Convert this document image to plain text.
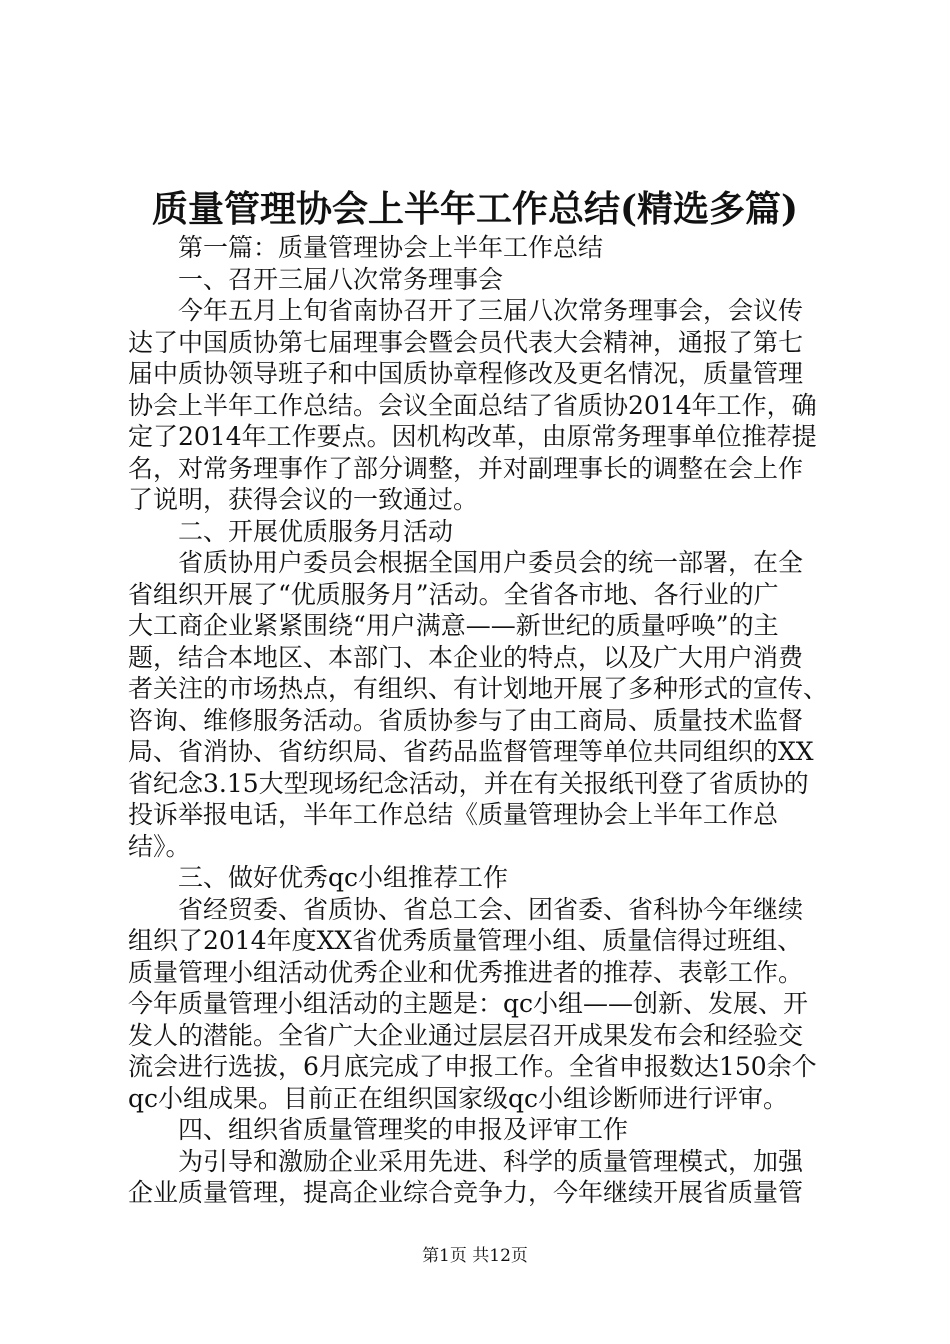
质量管理协会上半年工作总结(精选多篇)
第一篇：质量管理协会上半年工作总结
一、召开三届八次常务理事会
今年五月上旬省南协召开了三届八次常务理事会，会议传
达了中国质协第七届理事会暨会员代表大会精神，通报了第七
届中质协领导班子和中国质协章程修改及更名情况，质量管理
协会上半年工作总结。会议全面总结了省质协2014年工作，确
定了2014年工作要点。因机构改革，由原常务理事单位推荐提
名，对常务理事作了部分调整，并对副理事长的调整在会上作
了说明，获得会议的一致通过。
二、开展优质服务月活动
省质协用户委员会根据全国用户委员会的统一部署，在全
省组织开展了“优质服务月”活动。全省各市地、各行业的广
大工商企业紧紧围绕“用户满意——新世纪的质量呼唤”的主
题，结合本地区、本部门、本企业的特点，以及广大用户消费
者关注的市场热点，有组织、有计划地开展了多种形式的宣传、
咨询、维修服务活动。省质协参与了由工商局、质量技术监督
局、省消协、省纺织局、省药品监督管理等单位共同组织的XX
省纪念3.15大型现场纪念活动，并在有关报纸刊登了省质协的
投诉举报电话，半年工作总结《质量管理协会上半年工作总
结》。
三、做好优秀qc小组推荐工作
省经贸委、省质协、省总工会、团省委、省科协今年继续
组织了2014年度XX省优秀质量管理小组、质量信得过班组、
质量管理小组活动优秀企业和优秀推进者的推荐、表彰工作。
今年质量管理小组活动的主题是：qc小组——创新、发展、开
发人的潜能。全省广大企业通过层层召开成果发布会和经验交
流会进行选拔，6月底完成了申报工作。全省申报数达150余个
qc小组成果。目前正在组织国家级qc小组诊断师进行评审。
四、组织省质量管理奖的申报及评审工作
为引导和激励企业采用先进、科学的质量管理模式，加强
企业质量管理，提高企业综合竞争力，今年继续开展省质量管
第1页 共12页
